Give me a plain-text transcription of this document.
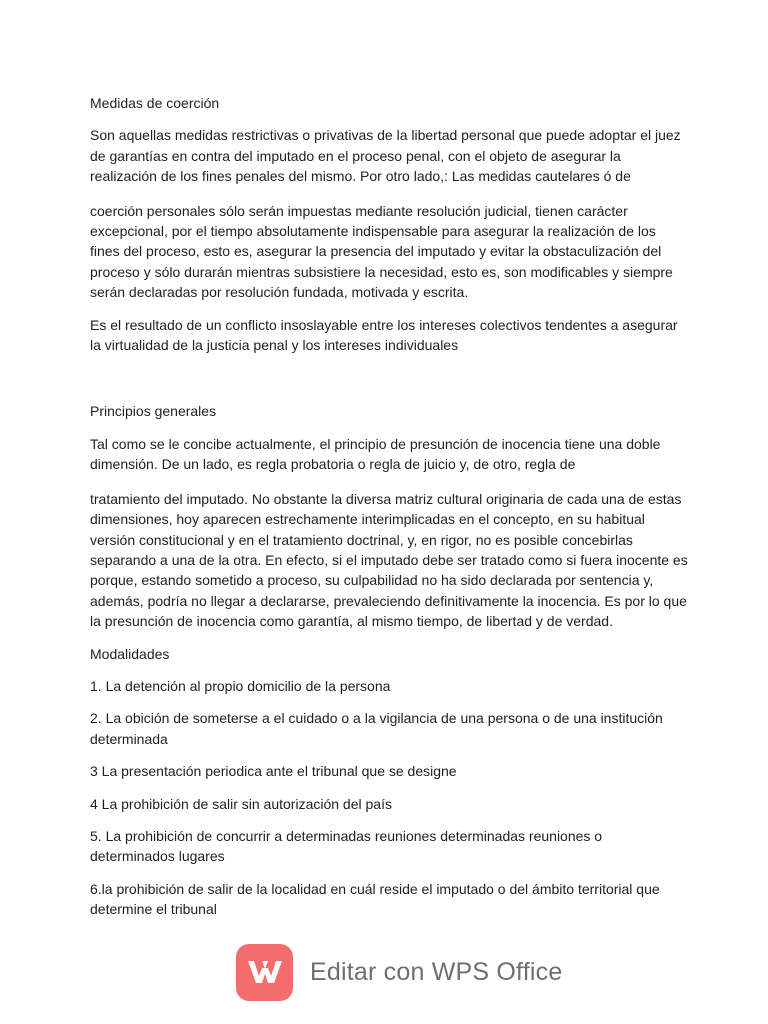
Medidas de coerción

Son aquellas medidas restrictivas o privativas de la libertad personal que puede adoptar el juez
de garantías en contra del imputado en el proceso penal, con el objeto de asegurar la
realización de los fines penales del mismo. Por otro lado,: Las medidas cautelares ó de

coerción personales sólo serán impuestas mediante resolución judicial, tienen carácter
excepcional, por el tiempo absolutamente indispensable para asegurar la realización de los
fines del proceso, esto es, asegurar la presencia del imputado y evitar la obstaculización del
proceso y sólo durarán mientras subsistiere la necesidad, esto es, son modificables y siempre
serán declaradas por resolución fundada, motivada y escrita.

Es el resultado de un conflicto insoslayable entre los intereses colectivos tendentes a asegurar
la virtualidad de la justicia penal y los intereses individuales

Principios generales

Tal como se le concibe actualmente, el principio de presunción de inocencia tiene una doble
dimensión. De un lado, es regla probatoria o regla de juicio y, de otro, regla de

tratamiento del imputado. No obstante la diversa matriz cultural originaria de cada una de estas
dimensiones, hoy aparecen estrechamente interimplicadas en el concepto, en su habitual
versión constitucional y en el tratamiento doctrinal, y, en rigor, no es posible concebirlas
separando a una de la otra. En efecto, si el imputado debe ser tratado como si fuera inocente es
porque, estando sometido a proceso, su culpabilidad no ha sido declarada por sentencia y,
además, podría no llegar a declararse, prevaleciendo definitivamente la inocencia. Es por lo que
la presunción de inocencia como garantía, al mismo tiempo, de libertad y de verdad.

Modalidades

1. La detención al propio domicilio de la persona

2. La obición de someterse a el cuidado o a la vigilancia de una persona o de una institución
determinada

3 La presentación periodica ante el tribunal que se designe

4 La prohibición de salir sin autorización del país

5. La prohibición de concurrir a determinadas reuniones determinadas reuniones o
determinados lugares

6.la prohibición de salir de la localidad en cuál reside el imputado o del ámbito territorial que
determine el tribunal

Editar con WPS Office
